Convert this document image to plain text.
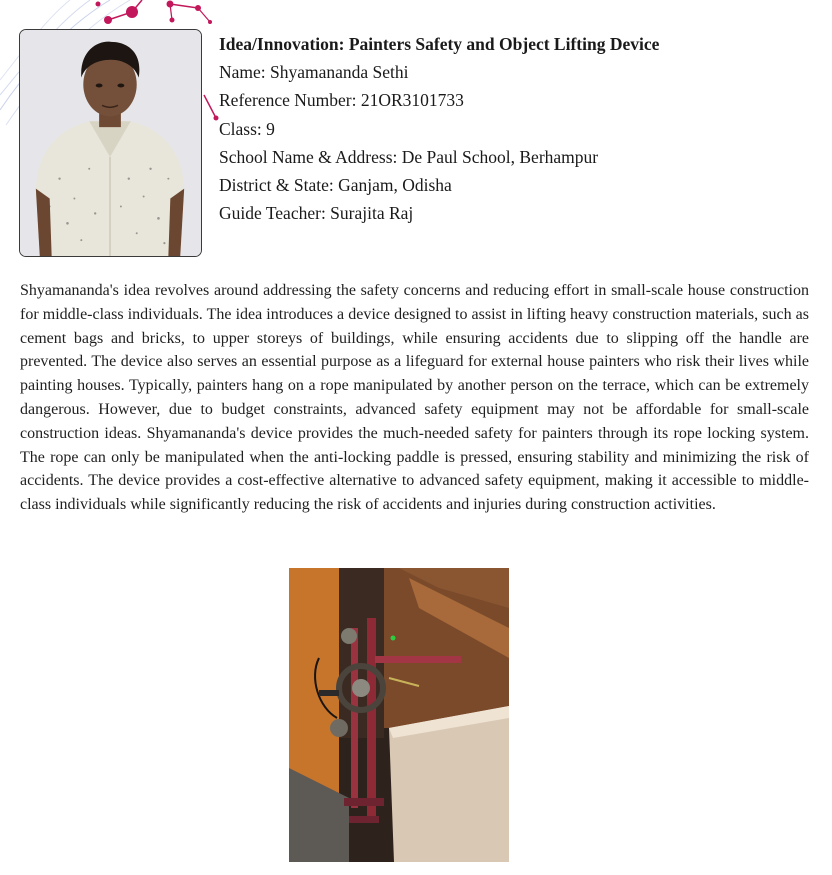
Idea/Innovation: Painters Safety and Object Lifting Device
Name: Shyamananda Sethi
Reference Number: 21OR3101733
Class: 9
School Name & Address: De Paul School, Berhampur
District & State: Ganjam, Odisha
Guide Teacher: Surajita Raj

Shyamananda's idea revolves around addressing the safety concerns and reducing effort in small-scale house construction for middle-class individuals. The idea introduces a device designed to assist in lifting heavy construction materials, such as cement bags and bricks, to upper storeys of buildings, while ensuring accidents due to slipping off the handle are prevented. The device also serves an essential purpose as a lifeguard for external house painters who risk their lives while painting houses. Typically, painters hang on a rope manipulated by another person on the terrace, which can be extremely dangerous. However, due to budget constraints, advanced safety equipment may not be affordable for small-scale construction ideas. Shyamananda's device provides the much-needed safety for painters through its rope locking system. The rope can only be manipulated when the anti-locking paddle is pressed, ensuring stability and minimizing the risk of accidents. The device provides a cost-effective alternative to advanced safety equipment, making it accessible to middle-class individuals while significantly reducing the risk of accidents and injuries during construction activities.
